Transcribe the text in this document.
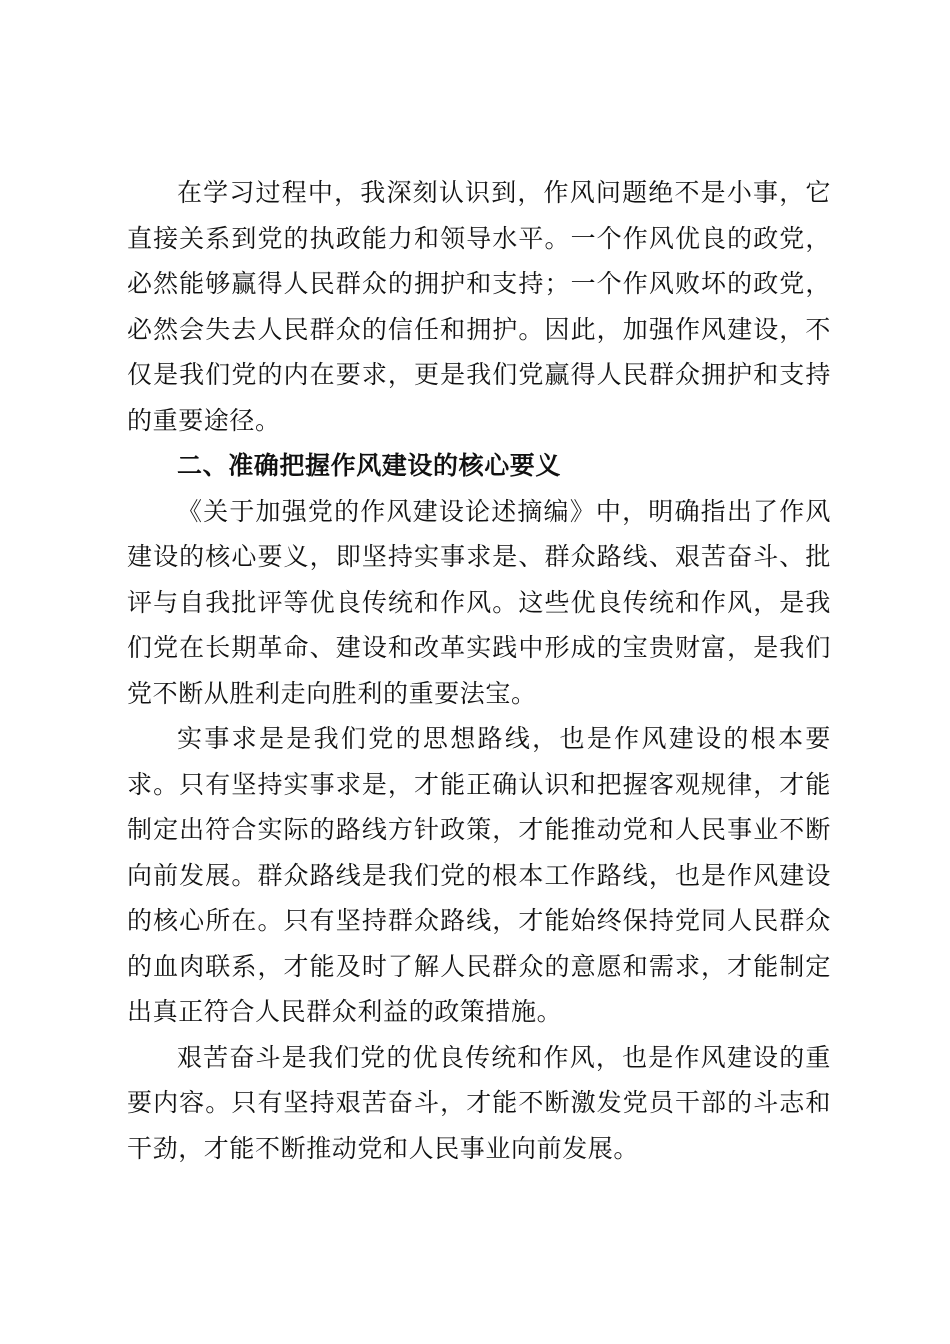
在学习过程中，我深刻认识到，作风问题绝不是小事，它直接关系到党的执政能力和领导水平。一个作风优良的政党，必然能够赢得人民群众的拥护和支持；一个作风败坏的政党，必然会失去人民群众的信任和拥护。因此，加强作风建设，不仅是我们党的内在要求，更是我们党赢得人民群众拥护和支持的重要途径。

二、准确把握作风建设的核心要义

《关于加强党的作风建设论述摘编》中，明确指出了作风建设的核心要义，即坚持实事求是、群众路线、艰苦奋斗、批评与自我批评等优良传统和作风。这些优良传统和作风，是我们党在长期革命、建设和改革实践中形成的宝贵财富，是我们党不断从胜利走向胜利的重要法宝。

实事求是是我们党的思想路线，也是作风建设的根本要求。只有坚持实事求是，才能正确认识和把握客观规律，才能制定出符合实际的路线方针政策，才能推动党和人民事业不断向前发展。群众路线是我们党的根本工作路线，也是作风建设的核心所在。只有坚持群众路线，才能始终保持党同人民群众的血肉联系，才能及时了解人民群众的意愿和需求，才能制定出真正符合人民群众利益的政策措施。

艰苦奋斗是我们党的优良传统和作风，也是作风建设的重要内容。只有坚持艰苦奋斗，才能不断激发党员干部的斗志和干劲，才能不断推动党和人民事业向前发展。
